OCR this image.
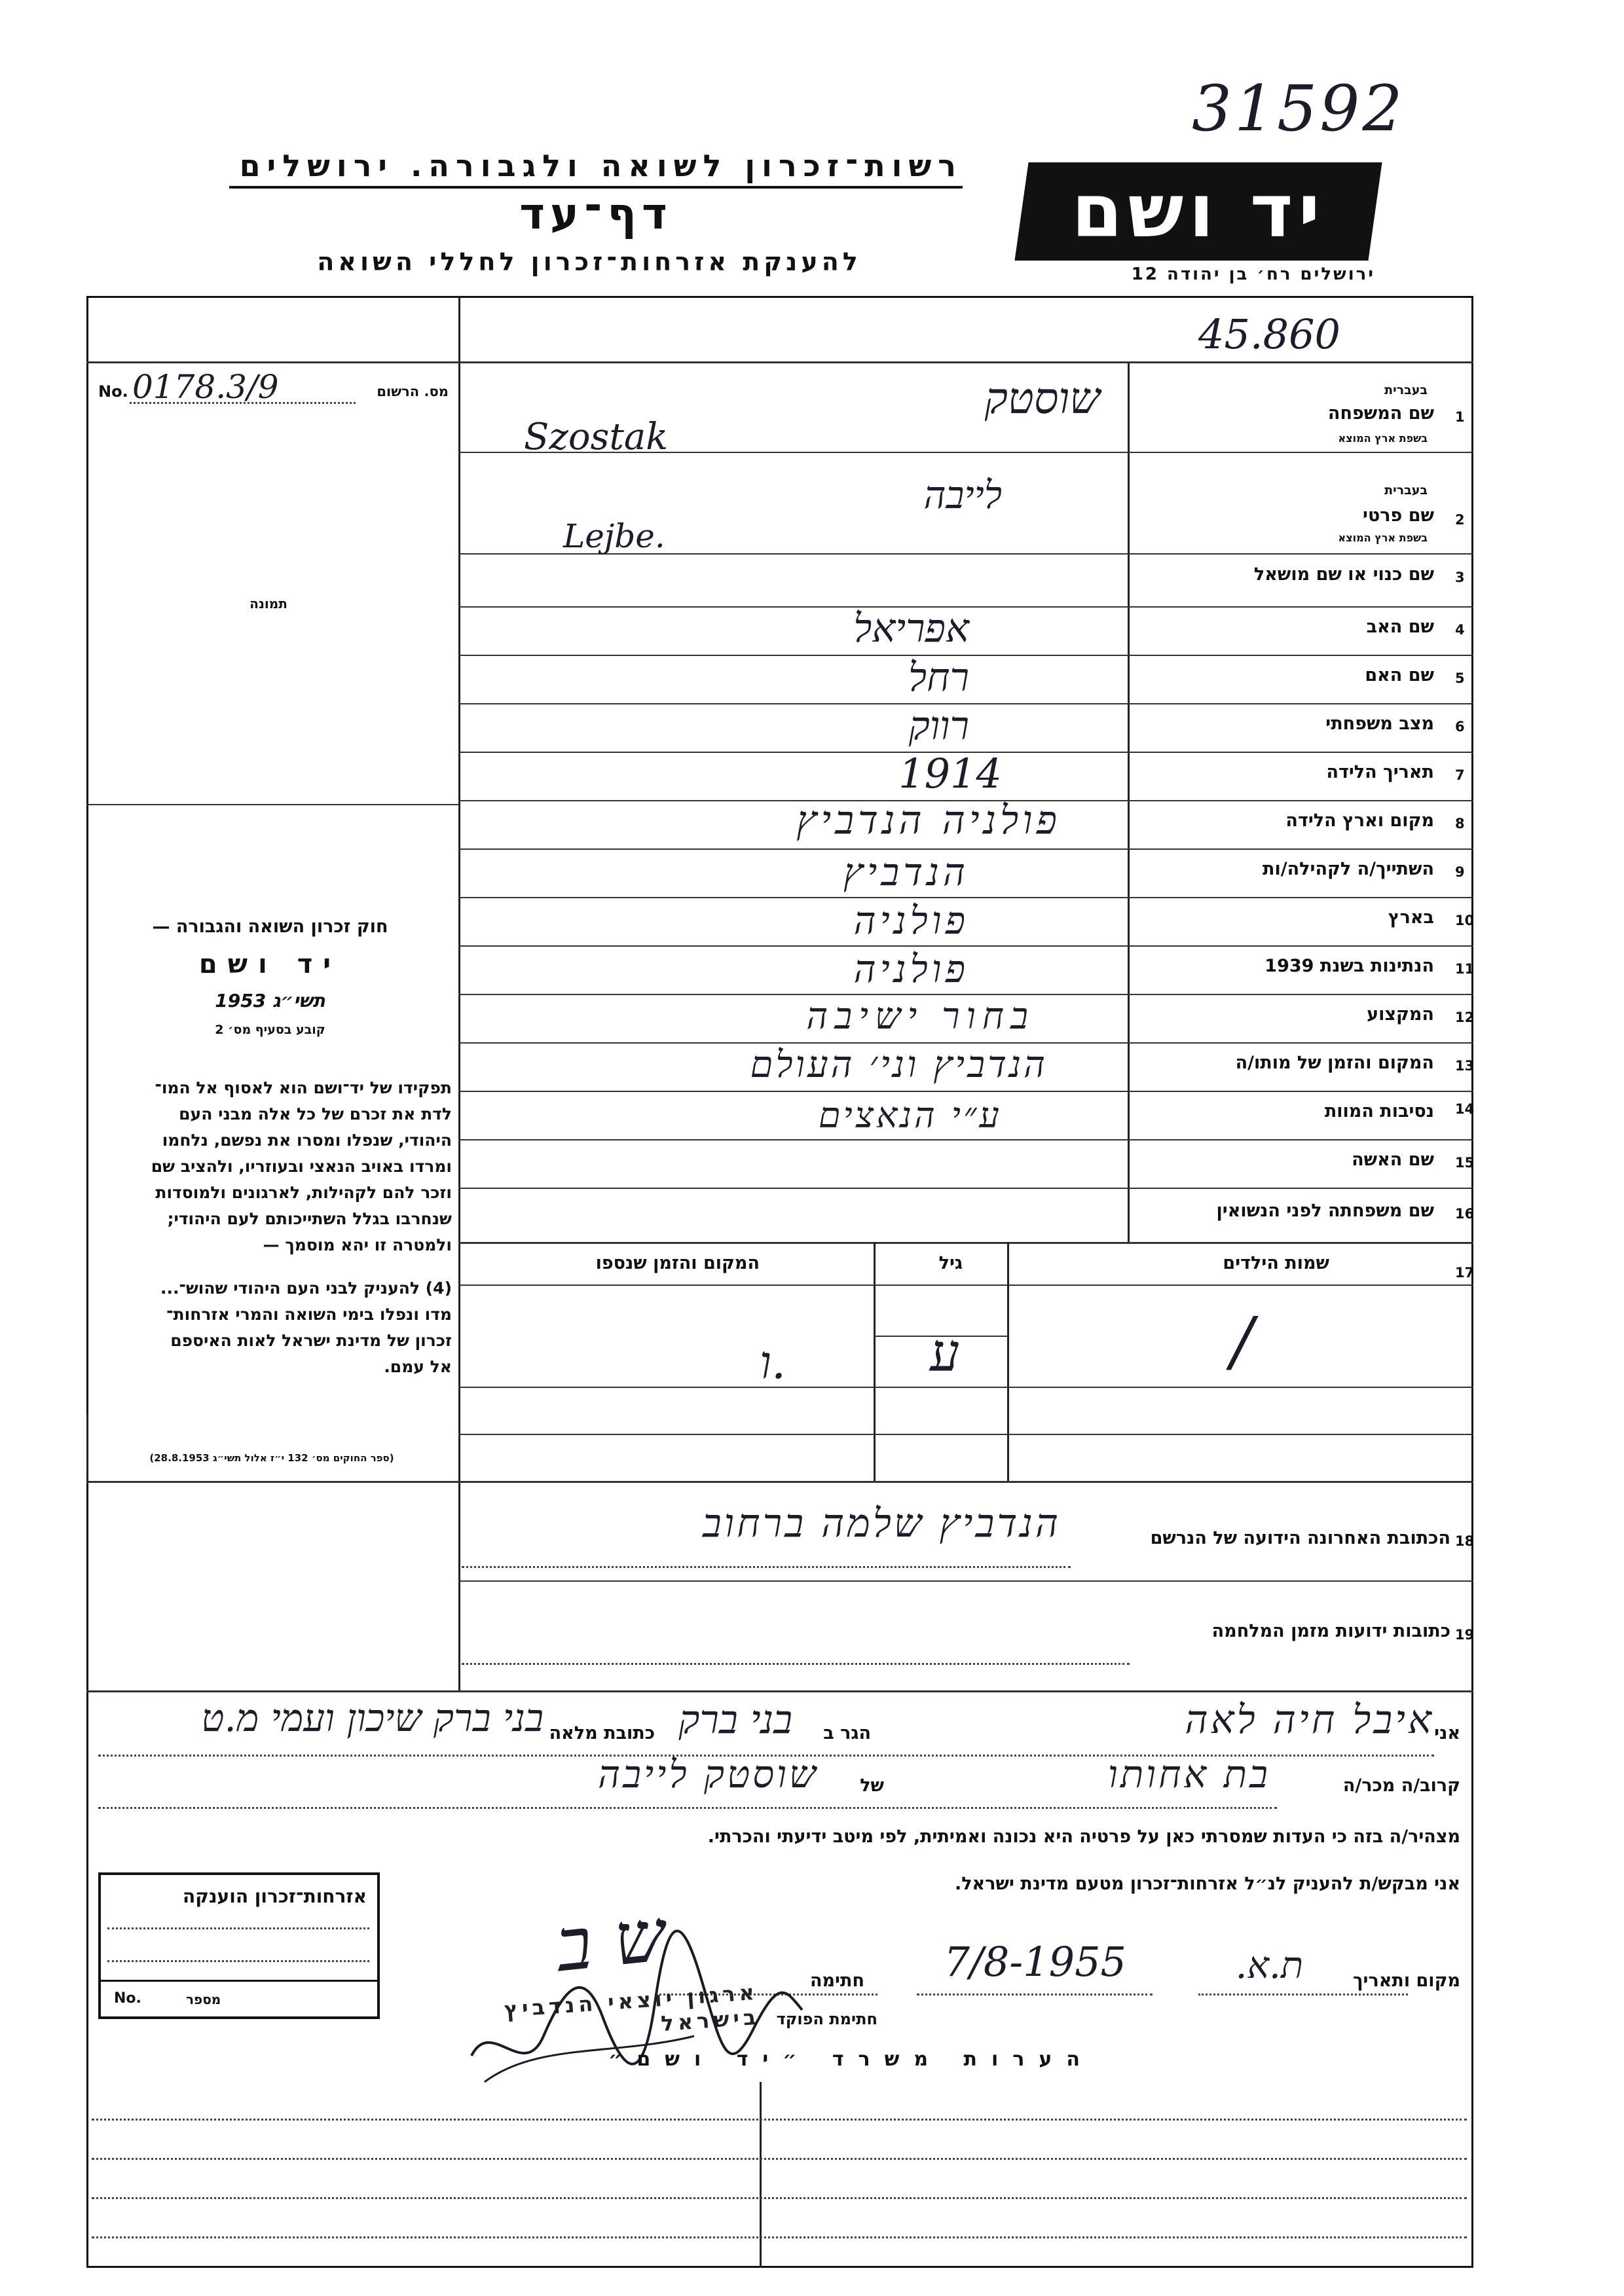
31592
רשות־זכרון לשואה ולגבורה. ירושלים
דף־עד
להענקת אזרחות־זכרון לחללי השואה
יד ושם
ירושלים רח׳ בן יהודה 12
45.860
No. 0178.3/9	מס. הרשום
תמונה
חוק זכרון השואה והגבורה —
יד ושם
תשי״ג 1953
קובע בסעיף מס׳ 2
תפקידו של יד־ושם הוא לאסוף אל המו־
לדת את זכרם של כל אלה מבני העם
היהודי, שנפלו ומסרו את נפשם, נלחמו
ומרדו באויב הנאצי ובעוזריו, ולהציב שם
וזכר להם לקהילות, לארגונים ולמוסדות
שנחרבו בגלל השתייכותם לעם היהודי;
ולמטרה זו יהא מוסמך —
(4) להעניק לבני העם היהודי שהוש־...
מדו ונפלו בימי השואה והמרי אזרחות־
זכרון של מדינת ישראל לאות האיספם
אל עמם.
(ספר החוקים מס׳ 132 י״ז אלול תשי״ג 28.8.1953)
1
שם המשפחה
בעברית
בשפת ארץ המוצא
שוסטק
Szostak
2
שם פרטי
בעברית
בשפת ארץ המוצא
לייבה
Lejbe.
3
שם כנוי או שם מושאל
4
שם האב
אפריאל
5
שם האם
רחל
6
מצב משפחתי
רווק
7
תאריך הלידה
1914
8
מקום וארץ הלידה
פולניה הנדביץ
9
השתייך/ה לקהילה/ות
הנדביץ
10
בארץ
פולניה
11
הנתינות בשנת 1939
פולניה
12
המקצוע
בחור ישיבה
13
המקום והזמן של מותו/ה
הנדביץ וני׳ העולם
14
נסיבות המוות
ע״י הנאצים
15
שם האשה
16
שם משפחתה לפני הנשואין
17
שמות הילדים
גיל
המקום והזמן שנספו
/
ע
ו.
18
הכתובת האחרונה הידועה של הנרשם
הנדביץ שלמה ברחוב
19
כתובות ידועות מזמן המלחמה
אני
איבל חיה לאה
הגר ב
בני ברק
כתובת מלאה
בני ברק שיכון ועמי מ.ט
קרוב/ה מכר/ה
בת אחותו
של
שוסטק לייבה
מצהיר/ה בזה כי העדות שמסרתי כאן על פרטיה היא נכונה ואמיתית, לפי מיטב ידיעתי והכרתי.
אני מבקש/ת להעניק לנ״ל אזרחות־זכרון מטעם מדינת ישראל.
מקום ותאריך
ת.א.
7/8-1955
חתימה
ש ב
חתימת הפוקד
ארגון יוצאי הנדביץ בישראל
אזרחות־זכרון הוענקה
No.	מספר
הערות משרד ״יד ושם״
